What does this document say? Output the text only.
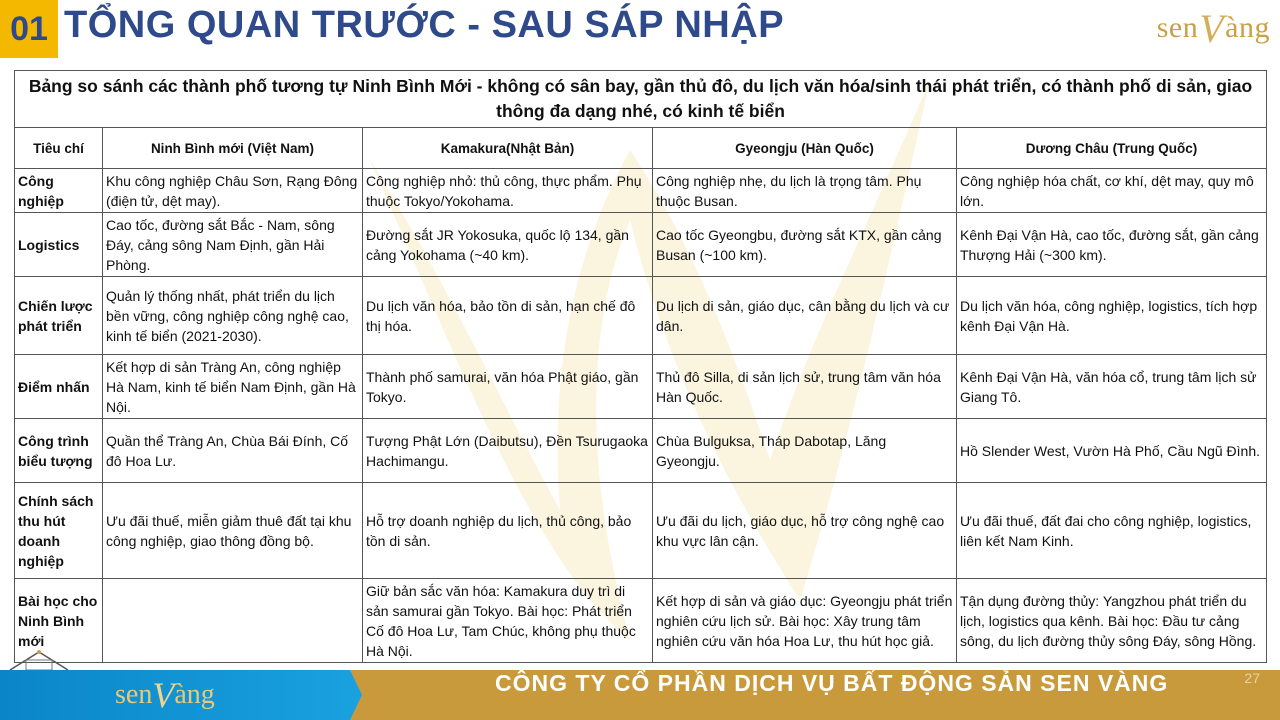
01 TỔNG QUAN TRƯỚC - SAU SÁP NHẬP	sen V àng
Bảng so sánh các thành phố tương tự Ninh Bình Mới - không có sân bay, gần thủ đô, du lịch văn hóa/sinh thái phát triển, có thành phố di sản, giao thông đa dạng nhé, có kinh tế biển				
Tiêu chí	Ninh Bình mới (Việt Nam)	Kamakura(Nhật Bản)	Gyeongju (Hàn Quốc)	Dương Châu (Trung Quốc)
Công nghiệp	Khu công nghiệp Châu Sơn, Rạng Đông (điện tử, dệt may).	Công nghiệp nhỏ: thủ công, thực phẩm. Phụ thuộc Tokyo/Yokohama.	Công nghiệp nhẹ, du lịch là trọng tâm. Phụ thuộc Busan.	Công nghiệp hóa chất, cơ khí, dệt may, quy mô lớn.
Logistics	Cao tốc, đường sắt Bắc - Nam, sông Đáy, cảng sông Nam Định, gần Hải Phòng.	Đường sắt JR Yokosuka, quốc lộ 134, gần cảng Yokohama (~40 km).	Cao tốc Gyeongbu, đường sắt KTX, gần cảng Busan (~100 km).	Kênh Đại Vận Hà, cao tốc, đường sắt, gần cảng Thượng Hải (~300 km).
Chiến lược phát triển	Quản lý thống nhất, phát triển du lịch bền vững, công nghiệp công nghệ cao, kinh tế biển (2021-2030).	Du lịch văn hóa, bảo tồn di sản, hạn chế đô thị hóa.	Du lịch di sản, giáo dục, cân bằng du lịch và cư dân.	Du lịch văn hóa, công nghiệp, logistics, tích hợp kênh Đại Vận Hà.
Điểm nhấn	Kết hợp di sản Tràng An, công nghiệp Hà Nam, kinh tế biển Nam Định, gần Hà Nội.	Thành phố samurai, văn hóa Phật giáo, gần Tokyo.	Thủ đô Silla, di sản lịch sử, trung tâm văn hóa Hàn Quốc.	Kênh Đại Vận Hà, văn hóa cổ, trung tâm lịch sử Giang Tô.
Công trình biểu tượng	Quần thể Tràng An, Chùa Bái Đính, Cố đô Hoa Lư.	Tượng Phật Lớn (Daibutsu), Đền Tsurugaoka Hachimangu.	Chùa Bulguksa, Tháp Dabotap, Lăng Gyeongju.	Hồ Slender West, Vườn Hà Phố, Cầu Ngũ Đình.
Chính sách thu hút doanh nghiệp	Ưu đãi thuế, miễn giảm thuê đất tại khu công nghiệp, giao thông đồng bộ.	Hỗ trợ doanh nghiệp du lịch, thủ công, bảo tồn di sản.	Ưu đãi du lịch, giáo dục, hỗ trợ công nghệ cao khu vực lân cận.	Ưu đãi thuế, đất đai cho công nghiệp, logistics, liên kết Nam Kinh.
Bài học cho Ninh Bình mới		Giữ bản sắc văn hóa: Kamakura duy trì di sản samurai gần Tokyo. Bài học: Phát triển Cố đô Hoa Lư, Tam Chúc, không phụ thuộc Hà Nội.	Kết hợp di sản và giáo dục: Gyeongju phát triển nghiên cứu lịch sử. Bài học: Xây trung tâm nghiên cứu văn hóa Hoa Lư, thu hút học giả.	Tận dụng đường thủy: Yangzhou phát triển du lịch, logistics qua kênh. Bài học: Đầu tư cảng sông, du lịch đường thủy sông Đáy, sông Hồng.
sen V àng	CÔNG TY CỔ PHẦN DỊCH VỤ BẤT ĐỘNG SẢN SEN VÀNG	27
